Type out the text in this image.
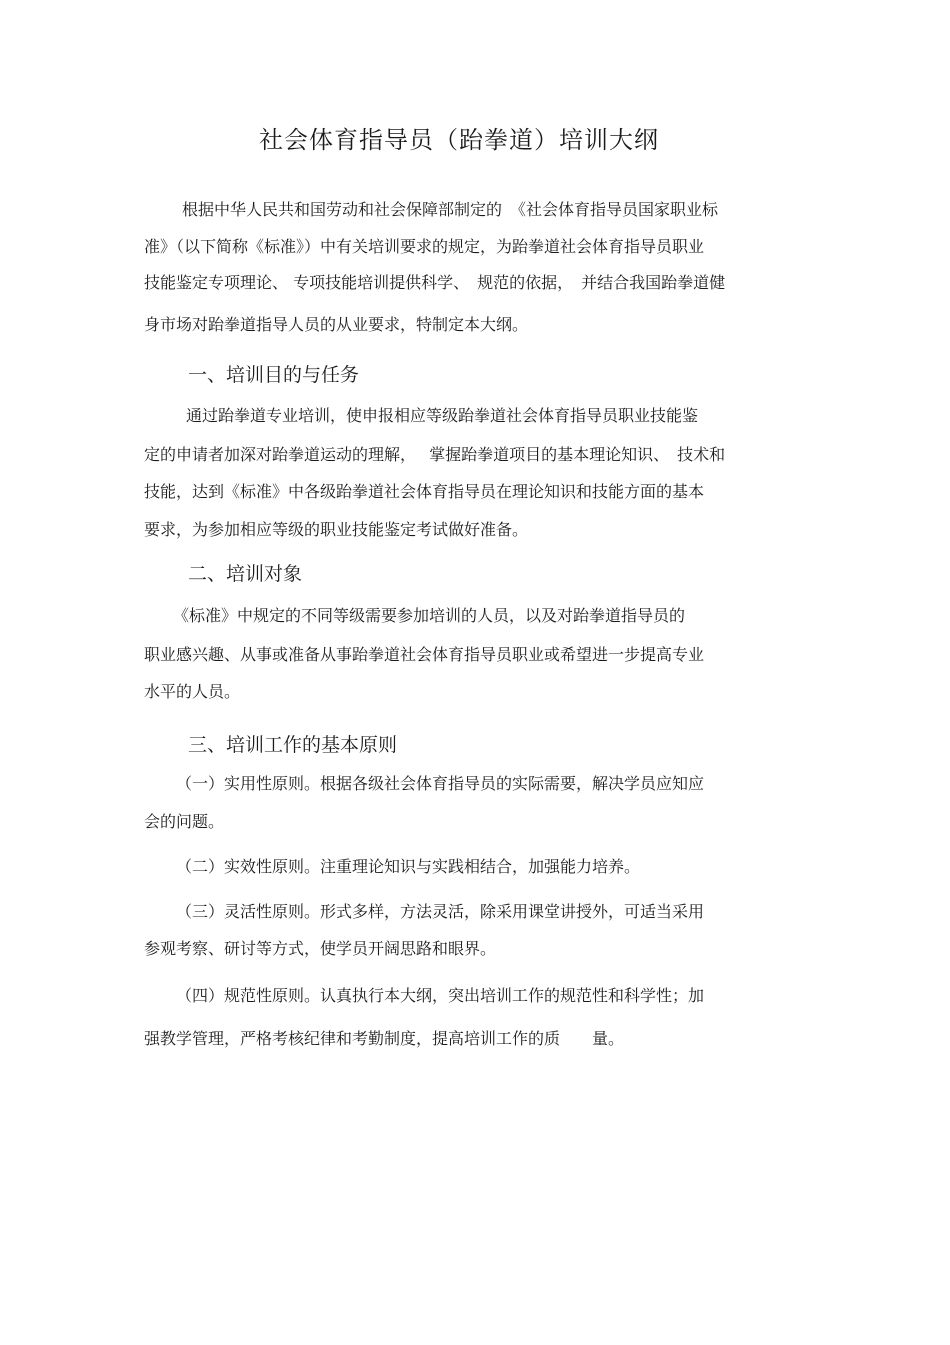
社会体育指导员（跆拳道）培训大纲
根据中华人民共和国劳动和社会保障部制定的　《社会体育指导员国家职业标
准》（以下简称《标准》）中有关培训要求的规定，为跆拳道社会体育指导员职业
技能鉴定专项理论、 专项技能培训提供科学、　规范的依据，　并结合我国跆拳道健
身市场对跆拳道指导人员的从业要求，特制定本大纲。
一、培训目的与任务
通过跆拳道专业培训，使申报相应等级跆拳道社会体育指导员职业技能鉴
定的申请者加深对跆拳道运动的理解，　 掌握跆拳道项目的基本理论知识、　技术和
技能，达到《标准》中各级跆拳道社会体育指导员在理论知识和技能方面的基本
要求，为参加相应等级的职业技能鉴定考试做好准备。
二、培训对象
《标准》中规定的不同等级需要参加培训的人员，以及对跆拳道指导员的
职业感兴趣、从事或准备从事跆拳道社会体育指导员职业或希望进一步提高专业
水平的人员。
三、培训工作的基本原则
（一）实用性原则。根据各级社会体育指导员的实际需要，解决学员应知应
会的问题。
（二）实效性原则。注重理论知识与实践相结合，加强能力培养。
（三）灵活性原则。形式多样，方法灵活，除采用课堂讲授外，可适当采用
参观考察、研讨等方式，使学员开阔思路和眼界。
（四）规范性原则。认真执行本大纲，突出培训工作的规范性和科学性；加
强教学管理，严格考核纪律和考勤制度，提高培训工作的质　　量。
